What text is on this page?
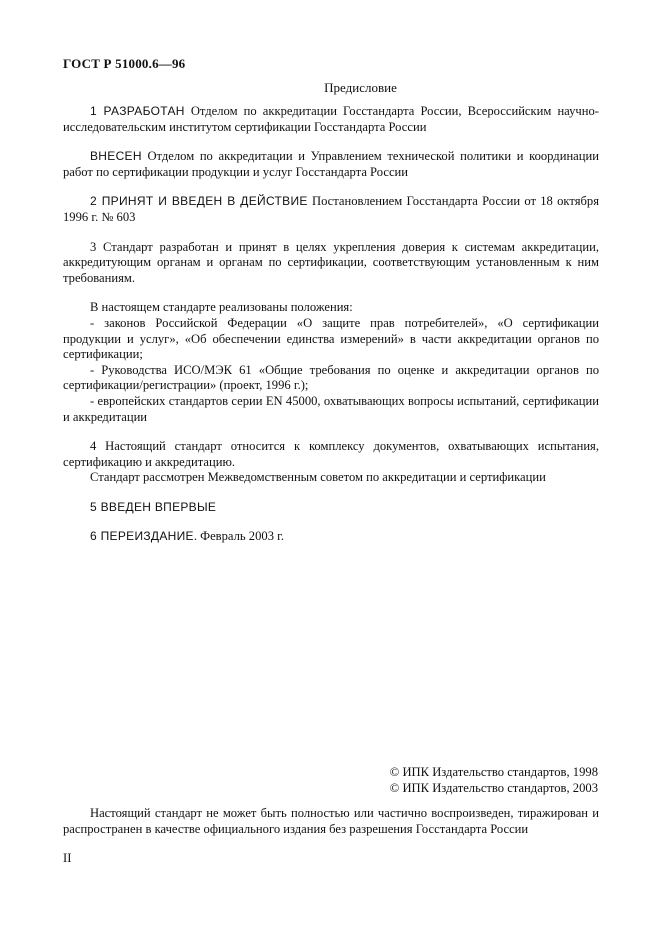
ГОСТ Р 51000.6—96
Предисловие

1 РАЗРАБОТАН Отделом по аккредитации Госстандарта России, Всероссийским научно-исследовательским институтом сертификации Госстандарта России

ВНЕСЕН Отделом по аккредитации и Управлением технической политики и координации работ по сертификации продукции и услуг Госстандарта России

2 ПРИНЯТ И ВВЕДЕН В ДЕЙСТВИЕ Постановлением Госстандарта России от 18 октября 1996 г. № 603

3 Стандарт разработан и принят в целях укрепления доверия к системам аккредитации, аккредитующим органам и органам по сертификации, соответствующим установленным к ним требованиям.

В настоящем стандарте реализованы положения:

- законов Российской Федерации «О защите прав потребителей», «О сертификации продукции и услуг», «Об обеспечении единства измерений» в части аккредитации органов по сертификации;

- Руководства ИСО/МЭК 61 «Общие требования по оценке и аккредитации органов по сертификации/регистрации» (проект, 1996 г.);

- европейских стандартов серии EN 45000, охватывающих вопросы испытаний, сертификации и аккредитации

4 Настоящий стандарт относится к комплексу документов, охватывающих испытания, сертификацию и аккредитацию.

Стандарт рассмотрен Межведомственным советом по аккредитации и сертификации

5 ВВЕДЕН ВПЕРВЫЕ

6 ПЕРЕИЗДАНИЕ. Февраль 2003 г.

© ИПК Издательство стандартов, 1998
© ИПК Издательство стандартов, 2003

Настоящий стандарт не может быть полностью или частично воспроизведен, тиражирован и распространен в качестве официального издания без разрешения Госстандарта России

II
